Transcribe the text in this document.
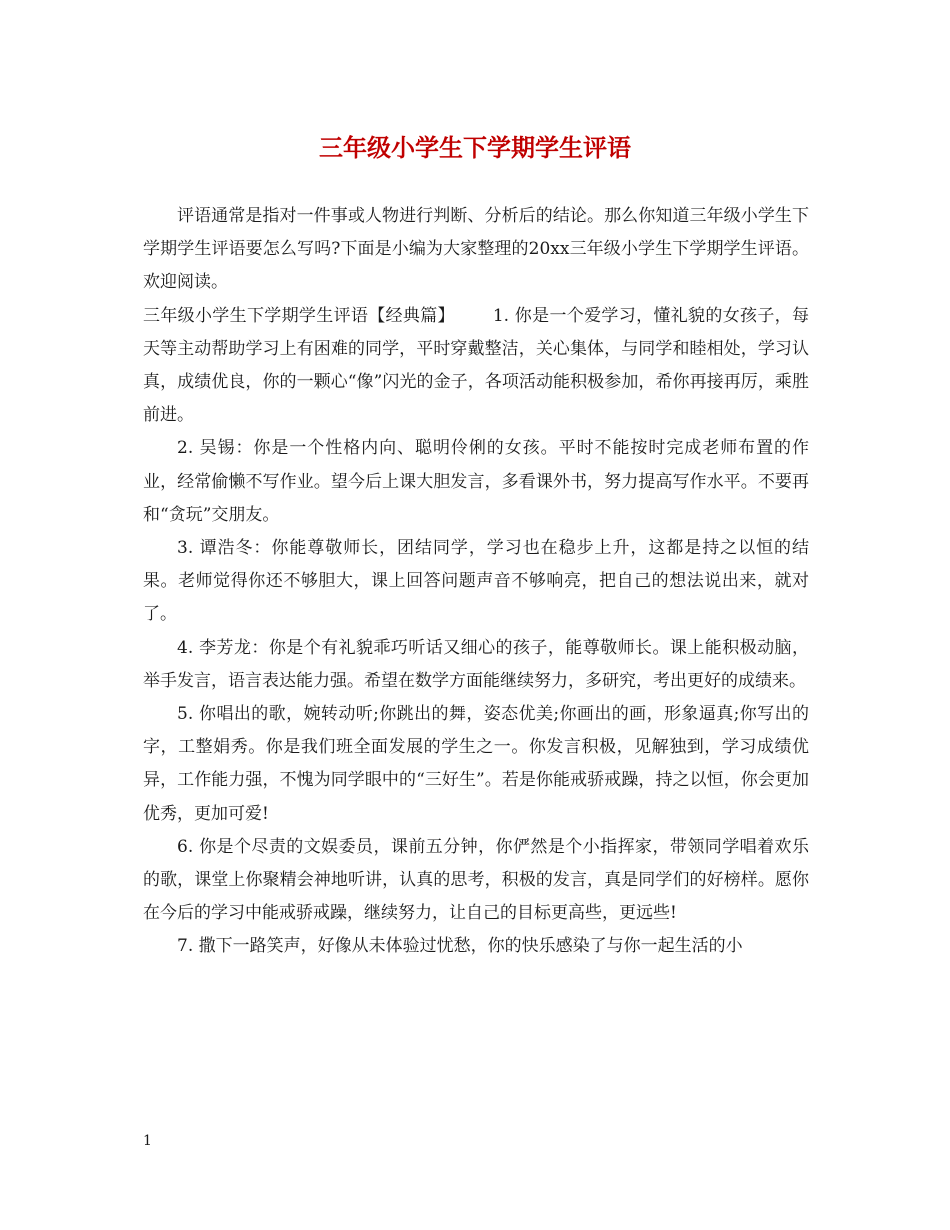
三年级小学生下学期学生评语

评语通常是指对一件事或人物进行判断、分析后的结论。那么你知道三年级小学生下学期学生评语要怎么写吗?下面是小编为大家整理的20xx三年级小学生下学期学生评语。欢迎阅读。

三年级小学生下学期学生评语【经典篇】 1. 你是一个爱学习，懂礼貌的女孩子，每天等主动帮助学习上有困难的同学，平时穿戴整洁，关心集体，与同学和睦相处，学习认真，成绩优良，你的一颗心“像”闪光的金子，各项活动能积极参加，希你再接再厉，乘胜前进。

2. 吴锡：你是一个性格内向、聪明伶俐的女孩。平时不能按时完成老师布置的作业，经常偷懒不写作业。望今后上课大胆发言，多看课外书，努力提高写作水平。不要再和“贪玩”交朋友。

3. 谭浩冬：你能尊敬师长，团结同学，学习也在稳步上升，这都是持之以恒的结果。老师觉得你还不够胆大，课上回答问题声音不够响亮，把自己的想法说出来，就对了。

4. 李芳龙：你是个有礼貌乖巧听话又细心的孩子，能尊敬师长。课上能积极动脑，举手发言，语言表达能力强。希望在数学方面能继续努力，多研究，考出更好的成绩来。

5. 你唱出的歌，婉转动听;你跳出的舞，姿态优美;你画出的画，形象逼真;你写出的字，工整娟秀。你是我们班全面发展的学生之一。你发言积极，见解独到，学习成绩优异，工作能力强，不愧为同学眼中的“三好生”。若是你能戒骄戒躁，持之以恒，你会更加优秀，更加可爱!

6. 你是个尽责的文娱委员，课前五分钟，你俨然是个小指挥家，带领同学唱着欢乐的歌，课堂上你聚精会神地听讲，认真的思考，积极的发言，真是同学们的好榜样。愿你在今后的学习中能戒骄戒躁，继续努力，让自己的目标更高些，更远些!

7. 撒下一路笑声，好像从未体验过忧愁，你的快乐感染了与你一起生活的小

1
